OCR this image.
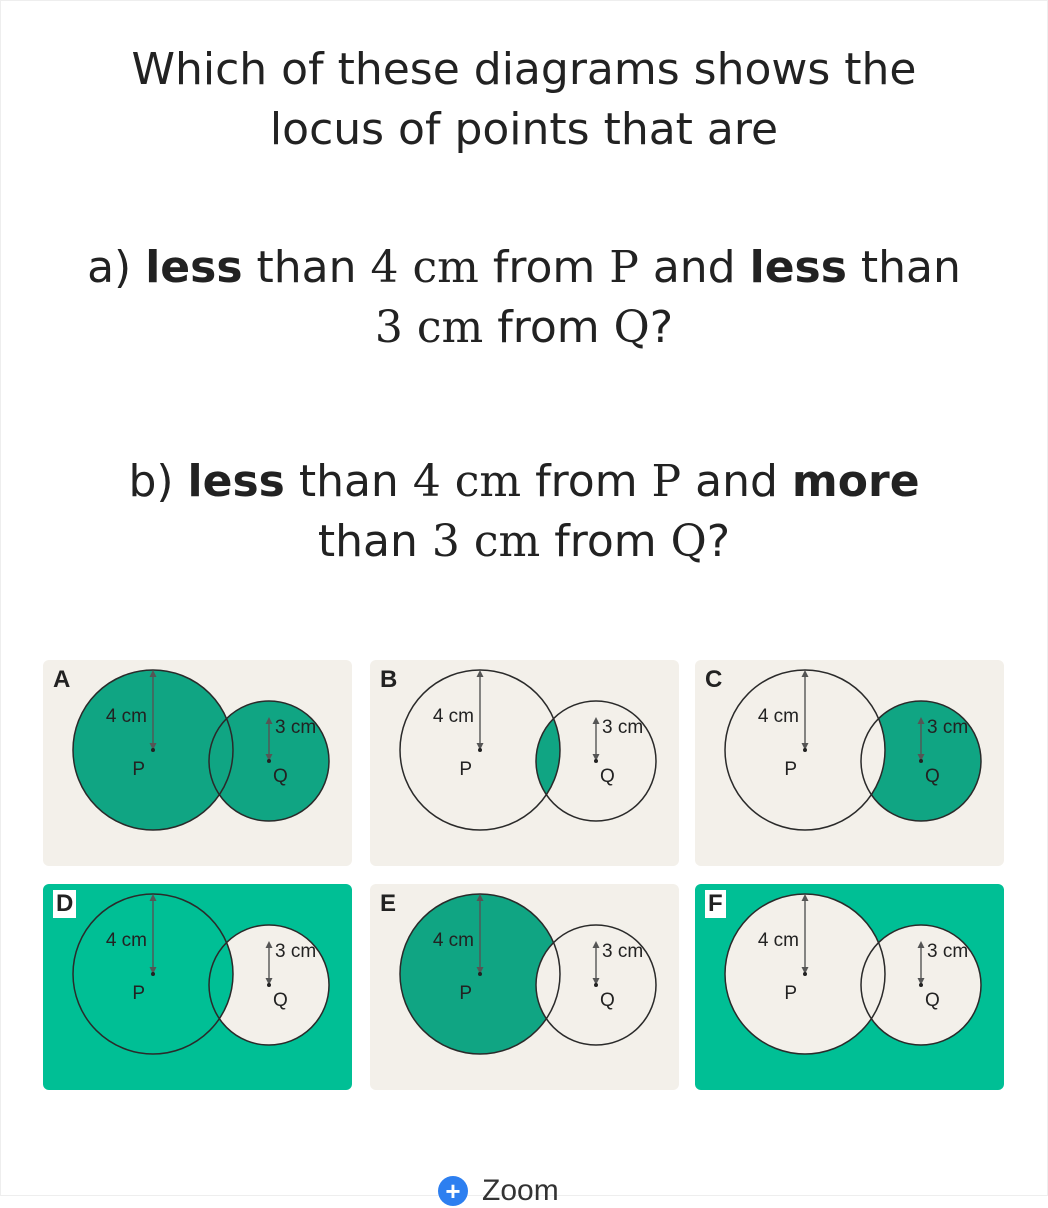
Which of these diagrams shows the

locus of points that are

a) less than 4 cm from P and less than

3 cm from Q?

b) less than 4 cm from P and more

than 3 cm from Q?

4 cm
P
3 cm
Q
A
4 cm
P
3 cm
Q
B
4 cm
P
3 cm
Q
C
4 cm
P
3 cm
Q
D
4 cm
P
3 cm
Q
E
4 cm
P
3 cm
Q
F
+ Zoom
